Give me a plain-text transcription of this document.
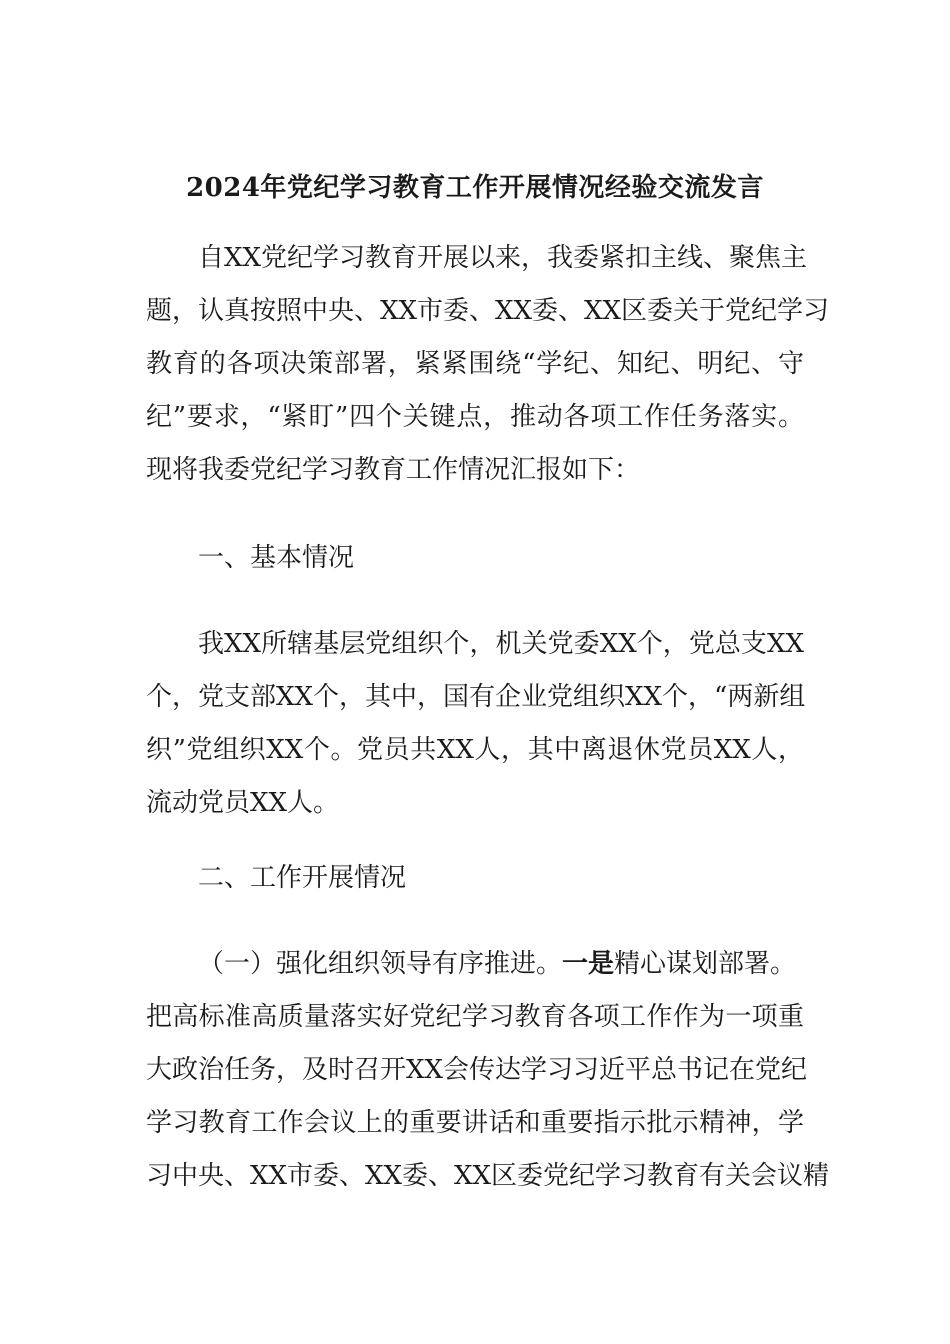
2024年党纪学习教育工作开展情况经验交流发言
自XX党纪学习教育开展以来，我委紧扣主线、聚焦主
题，认真按照中央、XX市委、XX委、XX区委关于党纪学习
教育的各项决策部署，紧紧围绕“学纪、知纪、明纪、守
纪”要求，“紧盯”四个关键点，推动各项工作任务落实。
现将我委党纪学习教育工作情况汇报如下：
一、基本情况
我XX所辖基层党组织个，机关党委XX个，党总支XX
个，党支部XX个，其中，国有企业党组织XX个，“两新组
织”党组织XX个。党员共XX人，其中离退休党员XX人，
流动党员XX人。
二、工作开展情况
（一）强化组织领导有序推进。一是精心谋划部署。
把高标准高质量落实好党纪学习教育各项工作作为一项重
大政治任务，及时召开XX会传达学习习近平总书记在党纪
学习教育工作会议上的重要讲话和重要指示批示精神，学
习中央、XX市委、XX委、XX区委党纪学习教育有关会议精
